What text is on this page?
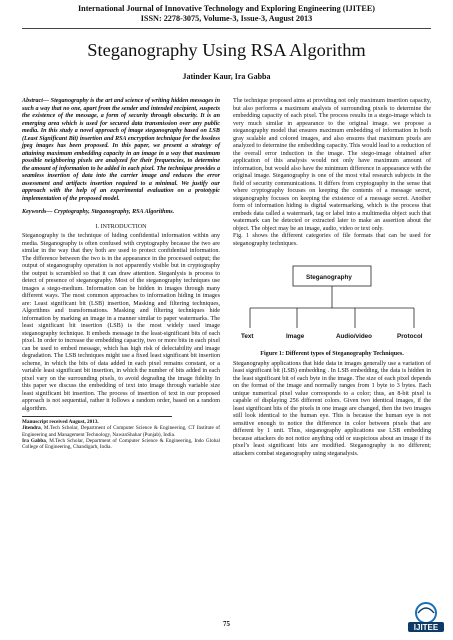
International Journal of Innovative Technology and Exploring Engineering (IJITEE)
ISSN: 2278-3075, Volume-3, Issue-3, August 2013
Steganography Using RSA Algorithm
Jatinder Kaur, Ira Gabba

Abstract— Steganography is the art and science of writing hidden messages in such a way that no one, apart from the sender and intended recipient, suspects the existence of the message, a form of security through obscurity. It is an emerging area which is used for secured data transmission over any public media. In this study a novel approach of image steganography based on LSB (Least Significant Bit) insertion and RSA encryption technique for the lossless jpeg images has been proposed. In this paper, we present a strategy of attaining maximum embedding capacity in an image in a way that maximum possible neighboring pixels are analyzed for their frequencies, to determine the amount of information to be added in each pixel. The technique provides a seamless insertion of data into the carrier image and reduces the error assessment and artifacts insertion required to a minimal. We justify our approach with the help of an experimental evaluation on a prototypic implementation of the proposed model.

Keywords— Cryptography, Steganography, RSA Algorithms.

I. INTRODUCTION

Steganography is the technique of hiding confidential information within any media. Steganography is often confused with cryptography because the two are similar in the way that they both are used to protect confidential information. The difference between the two is in the appearance in the processed output; the output of steganography operation is not apparently visible but in cryptography the output is scrambled so that it can draw attention. Steganlysis is process to detect of presence of steganography. Most of the steganography techniques use images a stego-medium. Information can be hidden in images through many different ways. The most common approaches to information hiding in images are: Least significant bit (LSB) insertion, Masking and filtering techniques, Algorithms and transformations. Masking and filtering techniques hide information by marking an image in a manner similar to paper watermarks. The least significant bit insertion (LSB) is the most widely used image steganography technique. It embeds message in the least-significant bits of each pixel. In order to increase the embedding capacity, two or more bits in each pixel can be used to embed message, which has high risk of delectability and image degradation. The LSB techniques might use a fixed least significant bit insertion scheme, in which the bits of data added in each pixel remains constant, or a variable least significant bit insertion, in which the number of bits added in each pixel vary on the surrounding pixels, to avoid degrading the image fidelity In this paper we discuss the embedding of text into image through variable size least significant bit insertion. The process of insertion of text in our proposed approach is not sequential, rather it follows a random order, based on a random algorithm.

Manuscript received August, 2013.
Jitendra, M.Tech Scholar, Department of Computer Science & Engineering, CT Institute of Engineering and Management Technology, NawanShahar (Punjab), India.
Ira Gabba, M.Tech Scholar, Department of Computer Science & Engineering, Indo Global College of Engineering, Chandigarh, India.

The technique proposed aims at providing not only maximum insertion capacity, but also performs a maximum analysis of surrounding pixels to determine the embedding capacity of each pixel. The process results in a stego-image which is very much similar in appearance to the original image. we propose a steganography model that ensures maximum embedding of information in both gray scalable and colored images, and also ensures that maximum pixels are analyzed to determine the embedding capacity. This would lead to a reduction of the overall error induction in the image. The stego-image obtained after application of this analysis would not only have maximum amount of information, but would also have the minimum difference in appearance with the original image. Steganography is one of the most vital research subjects in the field of security communications. It differs from cryptography in the sense that where cryptography focuses on keeping the contents of a message secret, steganography focuses on keeping the existence of a message secret. Another form of information hiding is digital watermarking, which is the process that embeds data called a watermark, tag or label into a multimedia object such that watermark can be detected or extracted later to make an assertion about the object. The object may be an image, audio, video or text only.

Fig. 1 shows the different categories of file formats that can be used for steganography techniques.

Steganography
Text	Image	Audio/video	Protocol

Figure 1: Different types of Steganography Techniques.

Steganography applications that hide data in images generally use a variation of least significant bit (LSB) embedding . In LSB embedding, the data is hidden in the least significant bit of each byte in the image. The size of each pixel depends on the format of the image and normally ranges from 1 byte to 3 bytes. Each unique numerical pixel value corresponds to a color; thus, an 8-bit pixel is capable of displaying 256 different colors. Given two identical images, if the least significant bits of the pixels in one image are changed, then the two images still look identical to the human eye. This is because the human eye is not sensitive enough to notice the difference in color between pixels that are different by 1 unit. Thus, steganography applications use LSB embedding because attackers do not notice anything odd or suspicious about an image if its pixel’s least significant bits are modified. Steganography is no different; attackers combat steganography using steganalysis.

75	IJITEE
